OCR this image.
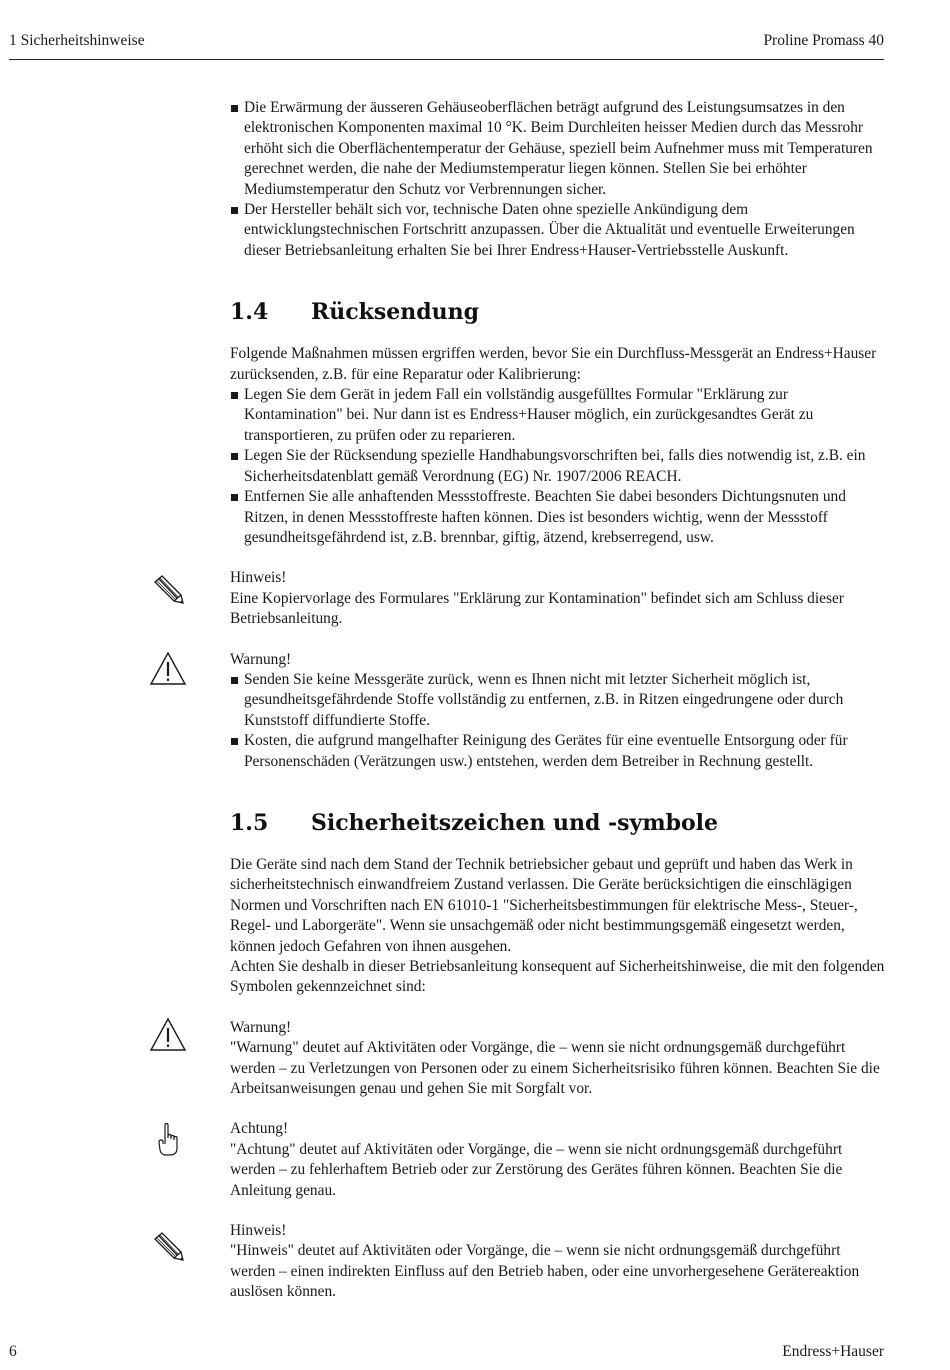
1 Sicherheitshinweise	Proline Promass 40
Die Erwärmung der äusseren Gehäuseoberflächen beträgt aufgrund des Leistungsumsatzes in den elektronischen Komponenten maximal 10 °K. Beim Durchleiten heisser Medien durch das Messrohr erhöht sich die Oberflächentemperatur der Gehäuse, speziell beim Aufnehmer muss mit Temperaturen gerechnet werden, die nahe der Mediumstemperatur liegen können. Stellen Sie bei erhöhter Mediumstemperatur den Schutz vor Verbrennungen sicher.
Der Hersteller behält sich vor, technische Daten ohne spezielle Ankündigung dem entwicklungstechnischen Fortschritt anzupassen. Über die Aktualität und eventuelle Erweiterungen dieser Betriebsanleitung erhalten Sie bei Ihrer Endress+Hauser-Vertriebsstelle Auskunft.
1.4 Rücksendung

Folgende Maßnahmen müssen ergriffen werden, bevor Sie ein Durchfluss-Messgerät an Endress+Hauser zurücksenden, z.B. für eine Reparatur oder Kalibrierung:

Legen Sie dem Gerät in jedem Fall ein vollständig ausgefülltes Formular "Erklärung zur Kontamination" bei. Nur dann ist es Endress+Hauser möglich, ein zurückgesandtes Gerät zu transportieren, zu prüfen oder zu reparieren.
Legen Sie der Rücksendung spezielle Handhabungsvorschriften bei, falls dies notwendig ist, z.B. ein Sicherheitsdatenblatt gemäß Verordnung (EG) Nr. 1907/2006 REACH.
Entfernen Sie alle anhaftenden Messstoffreste. Beachten Sie dabei besonders Dichtungsnuten und Ritzen, in denen Messstoffreste haften können. Dies ist besonders wichtig, wenn der Messstoff gesundheitsgefährdend ist, z.B. brennbar, giftig, ätzend, krebserregend, usw.

Hinweis!

Eine Kopiervorlage des Formulares "Erklärung zur Kontamination" befindet sich am Schluss dieser Betriebsanleitung.

Warnung!

Senden Sie keine Messgeräte zurück, wenn es Ihnen nicht mit letzter Sicherheit möglich ist, gesundheitsgefährdende Stoffe vollständig zu entfernen, z.B. in Ritzen eingedrungene oder durch Kunststoff diffundierte Stoffe.
Kosten, die aufgrund mangelhafter Reinigung des Gerätes für eine eventuelle Entsorgung oder für Personenschäden (Verätzungen usw.) entstehen, werden dem Betreiber in Rechnung gestellt.
1.5 Sicherheitszeichen und -symbole

Die Geräte sind nach dem Stand der Technik betriebsicher gebaut und geprüft und haben das Werk in sicherheitstechnisch einwandfreiem Zustand verlassen. Die Geräte berücksichtigen die einschlägigen Normen und Vorschriften nach EN 61010-1 "Sicherheitsbestimmungen für elektrische Mess-, Steuer-, Regel- und Laborgeräte". Wenn sie unsachgemäß oder nicht bestimmungsgemäß eingesetzt werden, können jedoch Gefahren von ihnen ausgehen.

Achten Sie deshalb in dieser Betriebsanleitung konsequent auf Sicherheitshinweise, die mit den folgenden Symbolen gekennzeichnet sind:

Warnung!

"Warnung" deutet auf Aktivitäten oder Vorgänge, die – wenn sie nicht ordnungsgemäß durchgeführt werden – zu Verletzungen von Personen oder zu einem Sicherheitsrisiko führen können. Beachten Sie die Arbeitsanweisungen genau und gehen Sie mit Sorgfalt vor.

Achtung!

"Achtung" deutet auf Aktivitäten oder Vorgänge, die – wenn sie nicht ordnungsgemäß durchgeführt werden – zu fehlerhaftem Betrieb oder zur Zerstörung des Gerätes führen können. Beachten Sie die Anleitung genau.

Hinweis!

"Hinweis" deutet auf Aktivitäten oder Vorgänge, die – wenn sie nicht ordnungsgemäß durchgeführt werden – einen indirekten Einfluss auf den Betrieb haben, oder eine unvorhergesehene Gerätereaktion auslösen können.

6	Endress+Hauser
